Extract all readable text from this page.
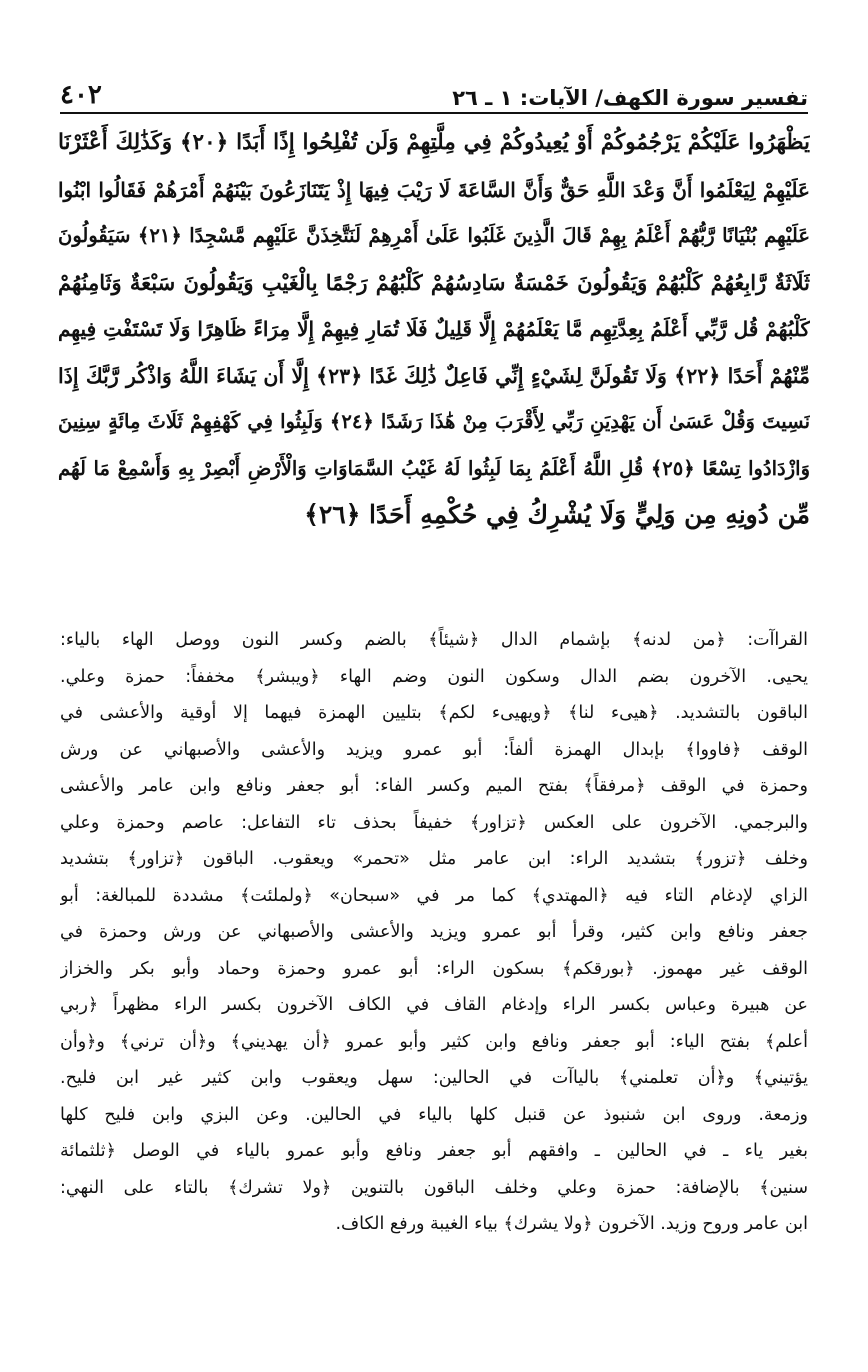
٤٠٢	تفسير سورة الكهف/ الآيات: ١ ـ ٢٦
يَظْهَرُوا عَلَيْكُمْ يَرْجُمُوكُمْ أَوْ يُعِيدُوكُمْ فِي مِلَّتِهِمْ وَلَن تُفْلِحُوا إِذًا أَبَدًا ﴿٢٠﴾ وَكَذَٰلِكَ أَعْثَرْنَا
عَلَيْهِمْ لِيَعْلَمُوا أَنَّ وَعْدَ اللَّهِ حَقٌّ وَأَنَّ السَّاعَةَ لَا رَيْبَ فِيهَا إِذْ يَتَنَازَعُونَ بَيْنَهُمْ أَمْرَهُمْ فَقَالُوا ابْنُوا
عَلَيْهِم بُنْيَانًا رَّبُّهُمْ أَعْلَمُ بِهِمْ قَالَ الَّذِينَ غَلَبُوا عَلَىٰ أَمْرِهِمْ لَنَتَّخِذَنَّ عَلَيْهِم مَّسْجِدًا ﴿٢١﴾ سَيَقُولُونَ
ثَلَاثَةٌ رَّابِعُهُمْ كَلْبُهُمْ وَيَقُولُونَ خَمْسَةٌ سَادِسُهُمْ كَلْبُهُمْ رَجْمًا بِالْغَيْبِ وَيَقُولُونَ سَبْعَةٌ وَثَامِنُهُمْ
كَلْبُهُمْ قُل رَّبِّي أَعْلَمُ بِعِدَّتِهِم مَّا يَعْلَمُهُمْ إِلَّا قَلِيلٌ فَلَا تُمَارِ فِيهِمْ إِلَّا مِرَاءً ظَاهِرًا وَلَا تَسْتَفْتِ فِيهِم
مِّنْهُمْ أَحَدًا ﴿٢٢﴾ وَلَا تَقُولَنَّ لِشَيْءٍ إِنِّي فَاعِلٌ ذَٰلِكَ غَدًا ﴿٢٣﴾ إِلَّا أَن يَشَاءَ اللَّهُ وَاذْكُر رَّبَّكَ إِذَا
نَسِيتَ وَقُلْ عَسَىٰ أَن يَهْدِيَنِ رَبِّي لِأَقْرَبَ مِنْ هَٰذَا رَشَدًا ﴿٢٤﴾ وَلَبِثُوا فِي كَهْفِهِمْ ثَلَاثَ مِائَةٍ سِنِينَ
وَازْدَادُوا تِسْعًا ﴿٢٥﴾ قُلِ اللَّهُ أَعْلَمُ بِمَا لَبِثُوا لَهُ غَيْبُ السَّمَاوَاتِ وَالْأَرْضِ أَبْصِرْ بِهِ وَأَسْمِعْ مَا لَهُم
مِّن دُونِهِ مِن وَلِيٍّ وَلَا يُشْرِكُ فِي حُكْمِهِ أَحَدًا ﴿٢٦﴾
القراآت: ﴿من لدنه﴾ بإشمام الدال ﴿شيئاً﴾ بالضم وكسر النون ووصل الهاء بالياء:
يحيى. الآخرون بضم الدال وسكون النون وضم الهاء ﴿ويبشر﴾ مخففاً: حمزة وعلي.
الباقون بالتشديد. ﴿هيىء لنا﴾ ﴿ويهيىء لكم﴾ بتليين الهمزة فيهما إلا أوقية والأعشى في
الوقف ﴿فاووا﴾ بإبدال الهمزة ألفاً: أبو عمرو ويزيد والأعشى والأصبهاني عن ورش
وحمزة في الوقف ﴿مرفقاً﴾ بفتح الميم وكسر الفاء: أبو جعفر ونافع وابن عامر والأعشى
والبرجمي. الآخرون على العكس ﴿تزاور﴾ خفيفاً بحذف تاء التفاعل: عاصم وحمزة وعلي
وخلف ﴿تزور﴾ بتشديد الراء: ابن عامر مثل «تحمر» ويعقوب. الباقون ﴿تزاور﴾ بتشديد
الزاي لإدغام التاء فيه ﴿المهتدي﴾ كما مر في «سبحان» ﴿ولملئت﴾ مشددة للمبالغة: أبو
جعفر ونافع وابن كثير، وقرأ أبو عمرو ويزيد والأعشى والأصبهاني عن ورش وحمزة في
الوقف غير مهموز. ﴿بورقكم﴾ بسكون الراء: أبو عمرو وحمزة وحماد وأبو بكر والخزاز
عن هبيرة وعباس بكسر الراء وإدغام القاف في الكاف الآخرون بكسر الراء مظهراً ﴿ربي
أعلم﴾ بفتح الياء: أبو جعفر ونافع وابن كثير وأبو عمرو ﴿أن يهديني﴾ و﴿أن ترني﴾ و﴿وأن
يؤتيني﴾ و﴿أن تعلمني﴾ بالياآت في الحالين: سهل ويعقوب وابن كثير غير ابن فليح.
وزمعة. وروى ابن شنبوذ عن قنبل كلها بالياء في الحالين. وعن البزي وابن فليح كلها
بغير ياء ـ في الحالين ـ وافقهم أبو جعفر ونافع وأبو عمرو بالياء في الوصل ﴿ثلثمائة
سنين﴾ بالإضافة: حمزة وعلي وخلف الباقون بالتنوين ﴿ولا تشرك﴾ بالتاء على النهي:
ابن عامر وروح وزيد. الآخرون ﴿ولا يشرك﴾ بياء الغيبة ورفع الكاف.
